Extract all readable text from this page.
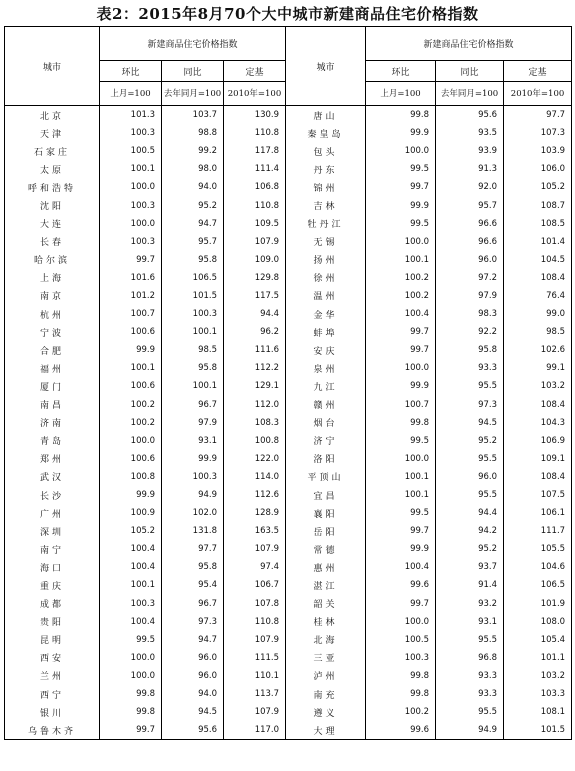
表2：2015年8月70个大中城市新建商品住宅价格指数
城市	新建商品住宅价格指数			城市	新建商品住宅价格指数		
	环比	同比	定基		环比	同比	定基
	上月=100	去年同月=100	2010年=100		上月=100	去年同月=100	2010年=100
北京	101.3	103.7	130.9	唐山	99.8	95.6	97.7
天津	100.3	98.8	110.8	秦皇岛	99.9	93.5	107.3
石家庄	100.5	99.2	117.8	包头	100.0	93.9	103.9
太原	100.1	98.0	111.4	丹东	99.5	91.3	106.0
呼和浩特	100.0	94.0	106.8	锦州	99.7	92.0	105.2
沈阳	100.3	95.2	110.8	吉林	99.9	95.7	108.7
大连	100.0	94.7	109.5	牡丹江	99.5	96.6	108.5
长春	100.3	95.7	107.9	无锡	100.0	96.6	101.4
哈尔滨	99.7	95.8	109.0	扬州	100.1	96.0	104.5
上海	101.6	106.5	129.8	徐州	100.2	97.2	108.4
南京	101.2	101.5	117.5	温州	100.2	97.9	76.4
杭州	100.7	100.3	94.4	金华	100.4	98.3	99.0
宁波	100.6	100.1	96.2	蚌埠	99.7	92.2	98.5
合肥	99.9	98.5	111.6	安庆	99.7	95.8	102.6
福州	100.1	95.8	112.2	泉州	100.0	93.3	99.1
厦门	100.6	100.1	129.1	九江	99.9	95.5	103.2
南昌	100.2	96.7	112.0	赣州	100.7	97.3	108.4
济南	100.2	97.9	108.3	烟台	99.8	94.5	104.3
青岛	100.0	93.1	100.8	济宁	99.5	95.2	106.9
郑州	100.6	99.9	122.0	洛阳	100.0	95.5	109.1
武汉	100.8	100.3	114.0	平顶山	100.1	96.0	108.4
长沙	99.9	94.9	112.6	宜昌	100.1	95.5	107.5
广州	100.9	102.0	128.9	襄阳	99.5	94.4	106.1
深圳	105.2	131.8	163.5	岳阳	99.7	94.2	111.7
南宁	100.4	97.7	107.9	常德	99.9	95.2	105.5
海口	100.4	95.8	97.4	惠州	100.4	93.7	104.6
重庆	100.1	95.4	106.7	湛江	99.6	91.4	106.5
成都	100.3	96.7	107.8	韶关	99.7	93.2	101.9
贵阳	100.4	97.3	110.8	桂林	100.0	93.1	108.0
昆明	99.5	94.7	107.9	北海	100.5	95.5	105.4
西安	100.0	96.0	111.5	三亚	100.3	96.8	101.1
兰州	100.0	96.0	110.1	泸州	99.8	93.3	103.2
西宁	99.8	94.0	113.7	南充	99.8	93.3	103.3
银川	99.8	94.5	107.9	遵义	100.2	95.5	108.1
乌鲁木齐	99.7	95.6	117.0	大理	99.6	94.9	101.5
